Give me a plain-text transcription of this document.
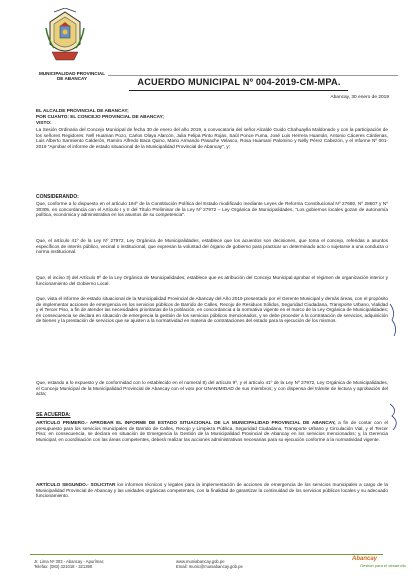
MUNICIPALIDAD PROVINCIAL DE ABANCAY	ACUERDO MUNICIPAL Nº 004-2019-CM-MPA.
Abancay, 30 enero de 2019
EL ALCALDE PROVINCIAL DE ABANCAY;
POR CUANTO: EL CONCEJO PROVINCIAL DE ABANCAY;
VISTO:
La Sesión Ordinaria del Concejo Municipal de fecha 30 de enero del año 2019, a convocatoria del señor Alcalde Guido Chahuaylla Maldonado y con la participación de los señores Regidores: Nell Huaman Pozo, Carlos Olaya Alarcón, Julia Felipa Pinto Rojas, Saúl Ponce Fuma, José Luis Herrera Huamán, Antonio Cáceres Cárdenas, Luis Alberto Sarmiento Calderón, Ramiro Alfredo Baca Quino, Mario Armando Pasache Velasco, Rosa Huamaní Palomino y Nelly Pérez Cabezón, y el Informe Nº 001-2019 "Aprobar el informe de estado situacional de la Municipalidad Provincial de Abancay", y;
CONSIDERANDO:
Que, conforme a lo dispuesto en el artículo 194º de la Constitución Política del Estado modificado mediante Leyes de Reforma Constitucional Nº 27680, Nº 28607 y Nº 30305, en concordancia con el Artículo I y II del Título Preliminar de la Ley Nº 27972 – Ley Orgánica de Municipalidades, "Los gobiernos locales gozan de autonomía política, económica y administrativa en los asuntos de su competencia".
Que, el artículo 41º de la Ley Nº 27972, Ley Orgánica de Municipalidades, establece que los acuerdos son decisiones, que toma el concejo, referidas a asuntos específicos de interés público, vecinal o institucional, que expresan la voluntad del órgano de gobierno para practicar un determinado acto o sujetarse a una conducta o norma institucional.
Que, el inciso 3) del Artículo 9º de la Ley Orgánica de Municipalidades, establece que es atribución del Concejo Municipal aprobar el régimen de organización interior y funcionamiento del Gobierno Local.
Que, vista el informe de estado situacional de la Municipalidad Provincial de Abancay del Año 2019 presentado por el Gerente Municipal y demás áreas, con el propósito de implementar acciones de emergencia en los servicios públicos de Barrido de Calles, Recojo de Residuos Sólidos, Seguridad Ciudadana, Transporte Urbano, Vialidad y el Tercer Piso, a fin de atender las necesidades prioritarias de la población, en concordancia a la normativa vigente en el marco de la Ley Orgánica de Municipalidades; en consecuencia se declara en situación de emergencia la gestión de los servicios públicos mencionados, y se debe proceder a la contratación de servicios, adquisición de bienes y la prestación de servicios que se ajusten a la normatividad en materia de contrataciones del estado para la ejecución de los mismos.
Que, estando a lo expuesto y de conformidad con lo establecido en el numeral 8) del artículo 9º, y el artículo 41º de la Ley Nº 27972, Ley Orgánica de Municipalidades, el Concejo Municipal de la Municipalidad Provincial de Abancay con el voto por UNANIMIDAD de sus miembros; y con dispensa del trámite de lectura y aprobación del acta;
SE ACUERDA:
ARTÍCULO PRIMERO.- APROBAR EL INFORME DE ESTADO SITUACIONAL DE LA MUNICIPALIDAD PROVINCIAL DE ABANCAY, a fin de contar con el presupuesto para los servicios municipales de Barrido de Calles, Recojo y Limpieza Pública, Seguridad Ciudadana, Transporte Urbano y Circulación Vial, y el Tercer Piso; en consecuencia, se declara en situación de Emergencia la Gestión de la Municipalidad Provincial de Abancay en los servicios mencionados; y, la Gerencia Municipal, en coordinación con las áreas competentes, deberá realizar las acciones administrativas necesarias para su ejecución conforme a la normatividad vigente.
ARTÍCULO SEGUNDO.- SOLICITAR los informes técnicos y legales para la implementación de acciones de emergencia de los servicios municipales a cargo de la Municipalidad Provincial de Abancay y las unidades orgánicas competentes, con la finalidad de garantizar la continuidad de los servicios públicos locales y su adecuado funcionamiento.
Jr. Lima Nº 303 - Abancay - Apurímac
Telefax: (083) 321018 - 321390
www.muniabancay.gob.pe
Email: munic@muniabancay.gob.pe
Abancay
Gestión para el desarrollo
